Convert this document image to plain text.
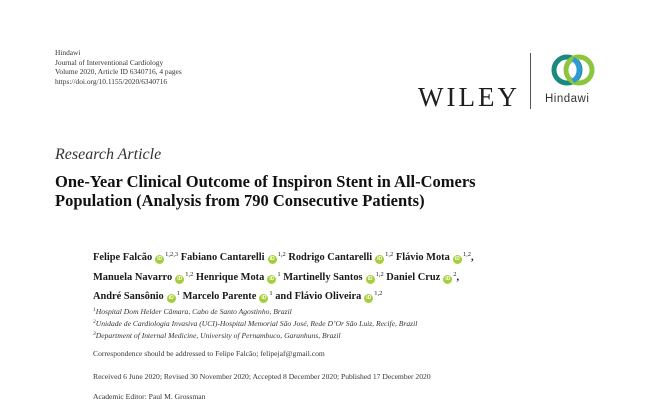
Hindawi
Journal of Interventional Cardiology
Volume 2020, Article ID 6340716, 4 pages
https://doi.org/10.1155/2020/6340716
WILEY Hindawi
Research Article
One-Year Clinical Outcome of Inspiron Stent in All-Comers
Population (Analysis from 790 Consecutive Patients)
Felipe Falcão iD$^{1,2,3}$ Fabiano Cantarelli iD$^{1,2}$ Rodrigo Cantarelli iD$^{1,2}$ Flávio Mota iD$^{1,2}$,
Manuela Navarro iD$^{1,2}$ Henrique Mota iD$^1$ Martinelly Santos iD$^{1,2}$ Daniel Cruz iD$^2$,
André Sansônio iD$^1$ Marcelo Parente iD$^1$ and Flávio Oliveira iD$^{1,2}$
$^1$Hospital Dom Helder Câmara, Cabo de Santo Agostinho, Brazil
$^2$Unidade de Cardiologia Invasiva (UCI)-Hospital Memorial São José, Rede D’Or São Luiz, Recife, Brazil
$^3$Department of Internal Medicine, University of Pernambuco, Garanhuns, Brazil
Correspondence should be addressed to Felipe Falcão; felipejaf@gmail.com
Received 6 June 2020; Revised 30 November 2020; Accepted 8 December 2020; Published 17 December 2020
Academic Editor: Paul M. Grossman
